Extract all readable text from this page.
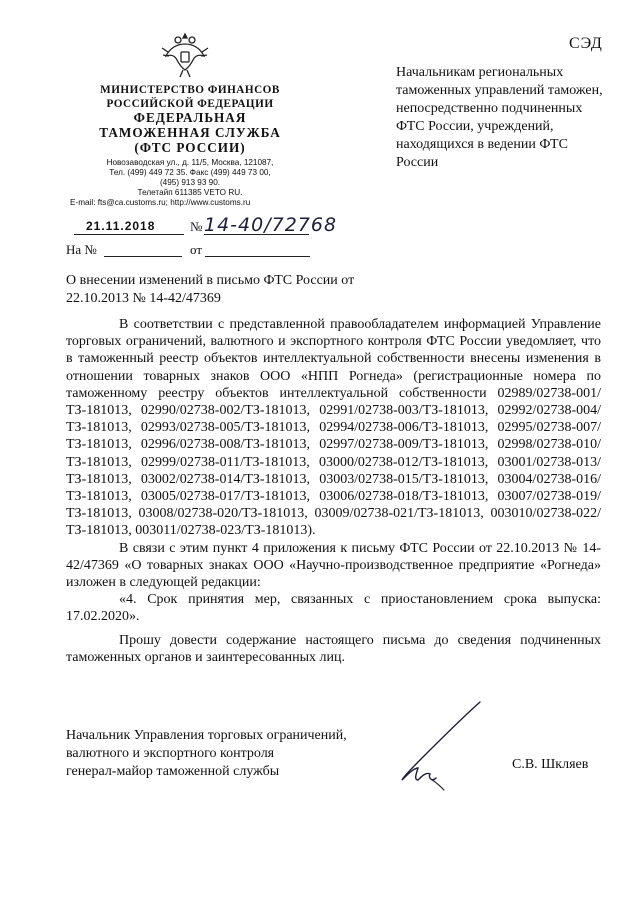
СЭД
МИНИСТЕРСТВО ФИНАНСОВ
РОССИЙСКОЙ ФЕДЕРАЦИИ
ФЕДЕРАЛЬНАЯ
ТАМОЖЕННАЯ СЛУЖБА
(ФТС РОССИИ)
Новозаводская ул., д. 11/5, Москва, 121087,
Тел. (499) 449 72 35. Факс (499) 449 73 00,
(495) 913 93 90.
Телетайп 611385 VETO RU.
E-mail: fts@ca.customs.ru; http://www.customs.ru
21.11.2018	№ 14-40/72768
На №	от
Начальникам региональных таможенных управлений таможен, непосредственно подчиненных ФТС России, учреждений, находящихся в ведении ФТС России
О внесении изменений в письмо ФТС России от 22.10.2013 № 14-42/47369

В соответствии с представленной правообладателем информацией Управление торговых ограничений, валютного и экспортного контроля ФТС России уведомляет, что в таможенный реестр объектов интеллектуальной собственности внесены изменения в отношении товарных знаков ООО «НПП Рогнеда» (регистрационные номера по таможенному реестру объектов интеллектуальной собственности 02989/02738-001/ТЗ-181013, 02990/02738-002/ТЗ-181013, 02991/02738-003/ТЗ-181013, 02992/02738-004/ТЗ-181013, 02993/02738-005/ТЗ-181013, 02994/02738-006/ТЗ-181013, 02995/02738-007/ТЗ-181013, 02996/02738-008/ТЗ-181013, 02997/02738-009/ТЗ-181013, 02998/02738-010/ТЗ-181013, 02999/02738-011/ТЗ-181013, 03000/02738-012/ТЗ-181013, 03001/02738-013/ТЗ-181013, 03002/02738-014/ТЗ-181013, 03003/02738-015/ТЗ-181013, 03004/02738-016/ТЗ-181013, 03005/02738-017/ТЗ-181013, 03006/02738-018/ТЗ-181013, 03007/02738-019/ТЗ-181013, 03008/02738-020/ТЗ-181013, 03009/02738-021/ТЗ-181013, 003010/02738-022/ТЗ-181013, 003011/02738-023/ТЗ-181013).

В связи с этим пункт 4 приложения к письму ФТС России от 22.10.2013 № 14-42/47369 «О товарных знаках ООО «Научно-производственное предприятие «Рогнеда» изложен в следующей редакции:

«4. Срок принятия мер, связанных с приостановлением срока выпуска: 17.02.2020».

Прошу довести содержание настоящего письма до сведения подчиненных таможенных органов и заинтересованных лиц.

Начальник Управления торговых ограничений,
валютного и экспортного контроля
генерал-майор таможенной службы	С.В. Шкляев
